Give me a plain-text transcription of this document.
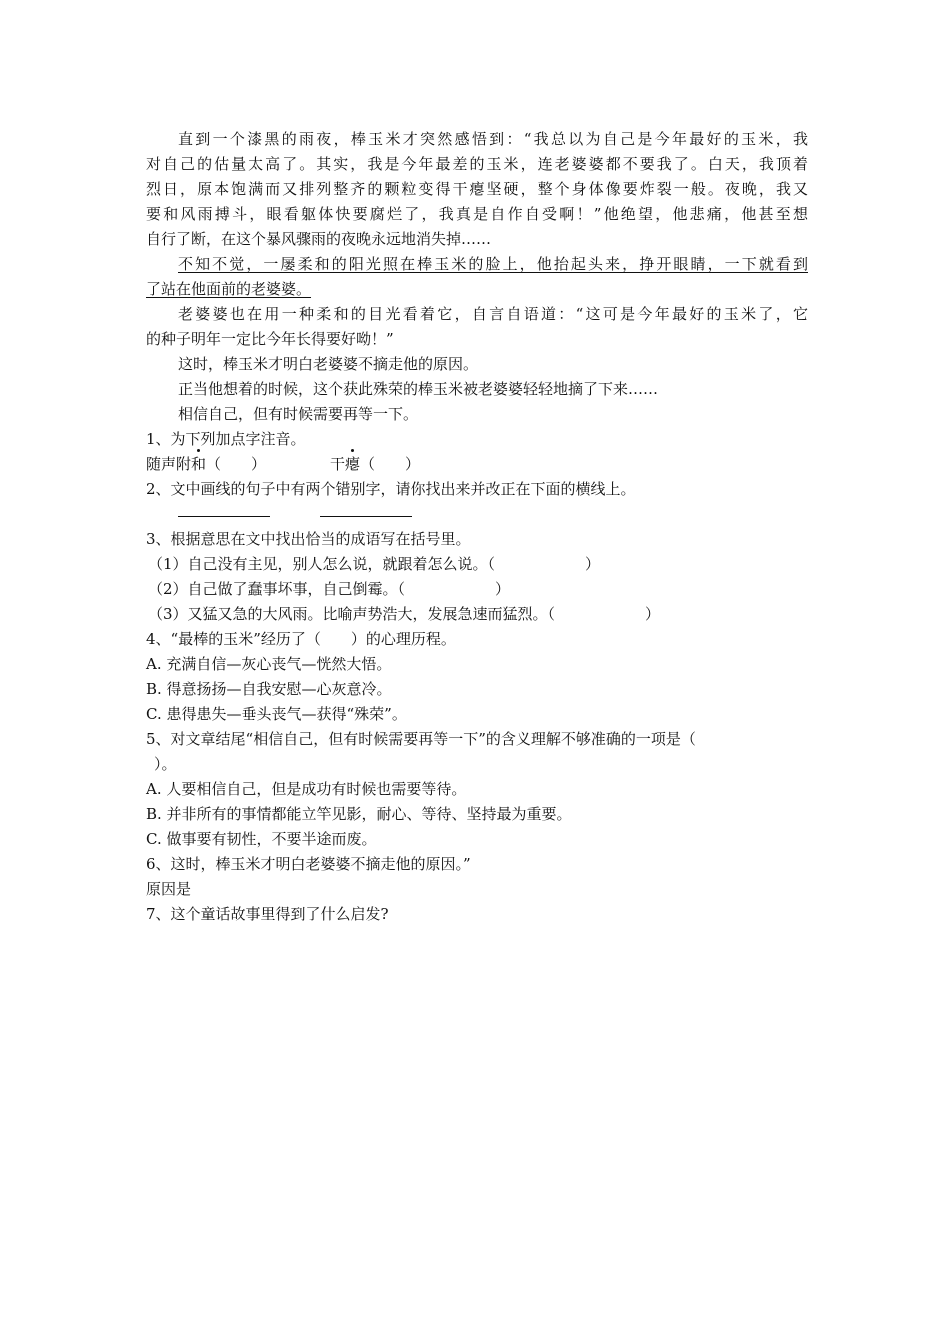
直到一个漆黑的雨夜，棒玉米才突然感悟到：“我总以为自己是今年最好的玉米，我
对自己的估量太高了。其实，我是今年最差的玉米，连老婆婆都不要我了。白天，我顶着
烈日，原本饱满而又排列整齐的颗粒变得干瘪坚硬，整个身体像要炸裂一般。夜晚，我又
要和风雨搏斗，眼看躯体快要腐烂了，我真是自作自受啊！”他绝望，他悲痛，他甚至想
自行了断，在这个暴风骤雨的夜晚永远地消失掉……
不知不觉，一屡柔和的阳光照在棒玉米的脸上，他抬起头来，挣开眼睛，一下就看到
了站在他面前的老婆婆。
老婆婆也在用一种柔和的目光看着它，自言自语道：“这可是今年最好的玉米了，它
的种子明年一定比今年长得要好呦！”
这时，棒玉米才明白老婆婆不摘走他的原因。
正当他想着的时候，这个获此殊荣的棒玉米被老婆婆轻轻地摘了下来……
相信自己，但有时候需要再等一下。
1、为下列加点字注音。
随声附和（　　）	干瘪（　　）
2、文中画线的句子中有两个错别字，请你找出来并改正在下面的横线上。
3、根据意思在文中找出恰当的成语写在括号里。
（1）自己没有主见，别人怎么说，就跟着怎么说。（　　　　　　）
（2）自己做了蠢事坏事，自己倒霉。（　　　　　　）
（3）又猛又急的大风雨。比喻声势浩大，发展急速而猛烈。（　　　　　　）
4、“最棒的玉米”经历了（　　）的心理历程。
A. 充满自信—灰心丧气—恍然大悟。
B. 得意扬扬—自我安慰—心灰意冷。
C. 患得患失—垂头丧气—获得“殊荣”。
5、对文章结尾“相信自己，但有时候需要再等一下”的含义理解不够准确的一项是（
）。
A. 人要相信自己，但是成功有时候也需要等待。
B. 并非所有的事情都能立竿见影，耐心、等待、坚持最为重要。
C. 做事要有韧性，不要半途而废。
6、这时，棒玉米才明白老婆婆不摘走他的原因。”
原因是
7、这个童话故事里得到了什么启发?
